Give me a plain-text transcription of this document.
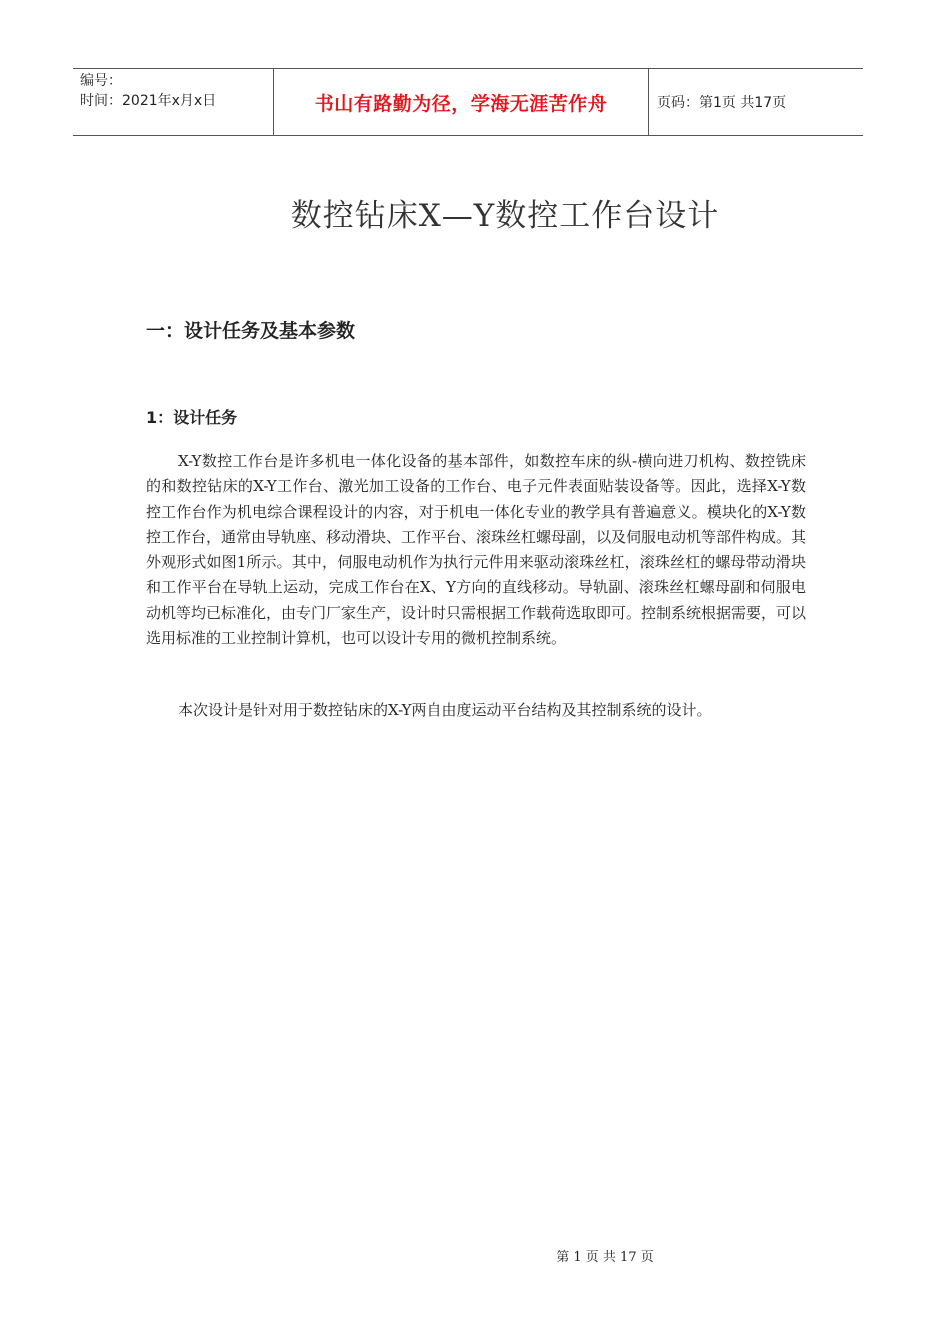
编号：
时间：2021年x月x日	书山有路勤为径，学海无涯苦作舟	页码：第1页 共17页
数控钻床X—Y数控工作台设计
一：设计任务及基本参数
1：设计任务

X-Y数控工作台是许多机电一体化设备的基本部件，如数控车床的纵-横向进刀机构、数控铣床的和数控钻床的X-Y工作台、激光加工设备的工作台、电子元件表面贴装设备等。因此，选择X-Y数控工作台作为机电综合课程设计的内容，对于机电一体化专业的教学具有普遍意义。模块化的X-Y数控工作台，通常由导轨座、移动滑块、工作平台、滚珠丝杠螺母副，以及伺服电动机等部件构成。其外观形式如图1所示。其中，伺服电动机作为执行元件用来驱动滚珠丝杠，滚珠丝杠的螺母带动滑块和工作平台在导轨上运动，完成工作台在X、Y方向的直线移动。导轨副、滚珠丝杠螺母副和伺服电动机等均已标准化，由专门厂家生产，设计时只需根据工作载荷选取即可。控制系统根据需要，可以选用标准的工业控制计算机，也可以设计专用的微机控制系统。

本次设计是针对用于数控钻床的X-Y两自由度运动平台结构及其控制系统的设计。

第 1 页 共 17 页
